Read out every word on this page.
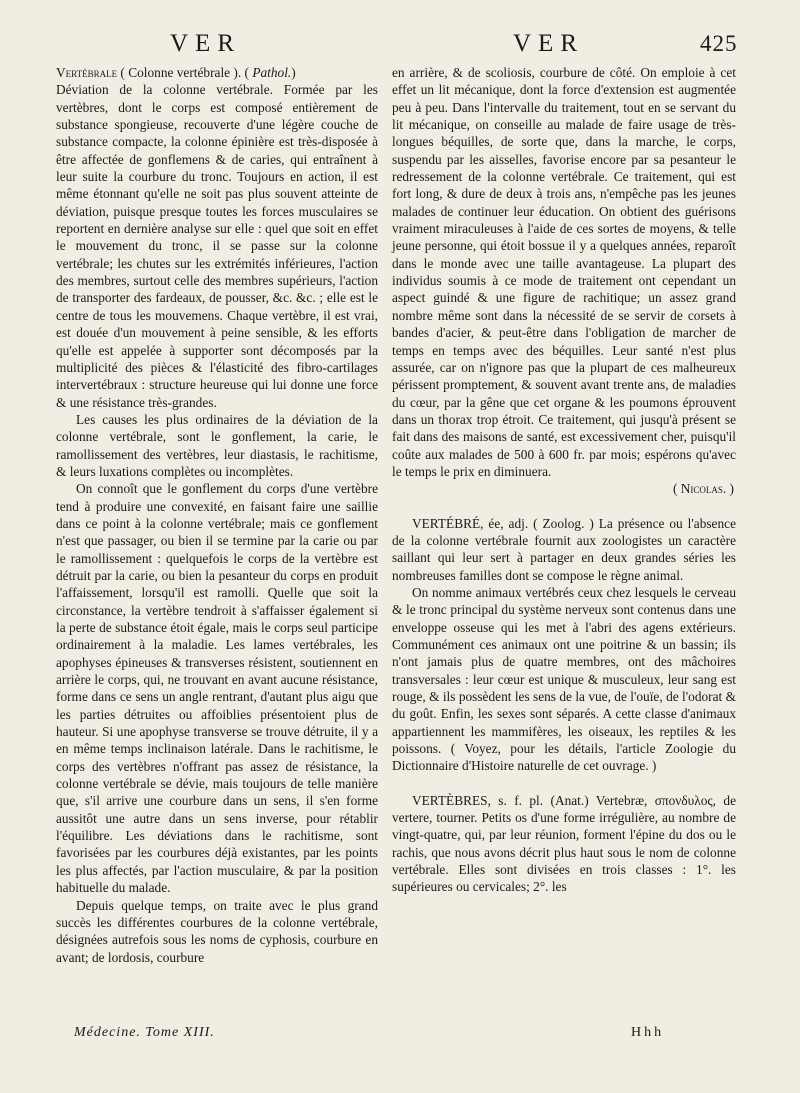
VER	VER	425

Vertébrale ( Colonne vertébrale ). ( Pathol.)

Déviation de la colonne vertébrale. Formée par les vertèbres, dont le corps est composé entièrement de substance spongieuse, recouverte d'une légère couche de substance compacte, la colonne épinière est très-disposée à être affectée de gonflemens & de caries, qui entraînent à leur suite la courbure du tronc. Toujours en action, il est même étonnant qu'elle ne soit pas plus souvent atteinte de déviation, puisque presque toutes les forces musculaires se reportent en dernière analyse sur elle : quel que soit en effet le mouvement du tronc, il se passe sur la colonne vertébrale; les chutes sur les extrémités inférieures, l'action des membres, surtout celle des membres supérieurs, l'action de transporter des fardeaux, de pousser, &c. &c. ; elle est le centre de tous les mouvemens. Chaque vertèbre, il est vrai, est douée d'un mouvement à peine sensible, & les efforts qu'elle est appelée à supporter sont décomposés par la multiplicité des pièces & l'élasticité des fibro-cartilages intervertébraux : structure heureuse qui lui donne une force & une résistance très-grandes.

Les causes les plus ordinaires de la déviation de la colonne vertébrale, sont le gonflement, la carie, le ramollissement des vertèbres, leur diastasis, le rachitisme, & leurs luxations complètes ou incomplètes.

On connoît que le gonflement du corps d'une vertèbre tend à produire une convexité, en faisant faire une saillie dans ce point à la colonne vertébrale; mais ce gonflement n'est que passager, ou bien il se termine par la carie ou par le ramollissement : quelquefois le corps de la vertèbre est détruit par la carie, ou bien la pesanteur du corps en produit l'affaissement, lorsqu'il est ramolli. Quelle que soit la circonstance, la vertèbre tendroit à s'affaisser également si la perte de substance étoit égale, mais le corps seul participe ordinairement à la maladie. Les lames vertébrales, les apophyses épineuses & transverses résistent, soutiennent en arrière le corps, qui, ne trouvant en avant aucune résistance, forme dans ce sens un angle rentrant, d'autant plus aigu que les parties détruites ou affoiblies présentoient plus de hauteur. Si une apophyse transverse se trouve détruite, il y a en même temps inclinaison latérale. Dans le rachitisme, le corps des vertèbres n'offrant pas assez de résistance, la colonne vertébrale se dévie, mais toujours de telle manière que, s'il arrive une courbure dans un sens, il s'en forme aussitôt une autre dans un sens inverse, pour rétablir l'équilibre. Les déviations dans le rachitisme, sont favorisées par les courbures déjà existantes, par les points les plus affectés, par l'action musculaire, & par la position habituelle du malade.

Depuis quelque temps, on traite avec le plus grand succès les différentes courbures de la colonne vertébrale, désignées autrefois sous les noms de cyphosis, courbure en avant; de lordosis, courbure

en arrière, & de scoliosis, courbure de côté. On emploie à cet effet un lit mécanique, dont la force d'extension est augmentée peu à peu. Dans l'intervalle du traitement, tout en se servant du lit mécanique, on conseille au malade de faire usage de très-longues béquilles, de sorte que, dans la marche, le corps, suspendu par les aisselles, favorise encore par sa pesanteur le redressement de la colonne vertébrale. Ce traitement, qui est fort long, & dure de deux à trois ans, n'empêche pas les jeunes malades de continuer leur éducation. On obtient des guérisons vraiment miraculeuses à l'aide de ces sortes de moyens, & telle jeune personne, qui étoit bossue il y a quelques années, reparoît dans le monde avec une taille avantageuse. La plupart des individus soumis à ce mode de traitement ont cependant un aspect guindé & une figure de rachitique; un assez grand nombre même sont dans la nécessité de se servir de corsets à bandes d'acier, & peut-être dans l'obligation de marcher de temps en temps avec des béquilles. Leur santé n'est plus assurée, car on n'ignore pas que la plupart de ces malheureux périssent promptement, & souvent avant trente ans, de maladies du cœur, par la gêne que cet organe & les poumons éprouvent dans un thorax trop étroit. Ce traitement, qui jusqu'à présent se fait dans des maisons de santé, est excessivement cher, puisqu'il coûte aux malades de 500 à 600 fr. par mois; espérons qu'avec le temps le prix en diminuera.

( Nicolas. )

VERTÉBRÉ, ée, adj. ( Zoolog. ) La présence ou l'absence de la colonne vertébrale fournit aux zoologistes un caractère saillant qui leur sert à partager en deux grandes séries les nombreuses familles dont se compose le règne animal.

On nomme animaux vertébrés ceux chez lesquels le cerveau & le tronc principal du système nerveux sont contenus dans une enveloppe osseuse qui les met à l'abri des agens extérieurs. Communément ces animaux ont une poitrine & un bassin; ils n'ont jamais plus de quatre membres, ont des mâchoires transversales : leur cœur est unique & musculeux, leur sang est rouge, & ils possèdent les sens de la vue, de l'ouïe, de l'odorat & du goût. Enfin, les sexes sont séparés. A cette classe d'animaux appartiennent les mammifères, les oiseaux, les reptiles & les poissons. ( Voyez, pour les détails, l'article Zoologie du Dictionnaire d'Histoire naturelle de cet ouvrage. )

VERTÈBRES, s. f. pl. (Anat.) Vertebræ, σπονδυλος, de vertere, tourner. Petits os d'une forme irrégulière, au nombre de vingt-quatre, qui, par leur réunion, forment l'épine du dos ou le rachis, que nous avons décrit plus haut sous le nom de colonne vertébrale. Elles sont divisées en trois classes : 1°. les supérieures ou cervicales; 2°. les

Médecine. Tome XIII.	Hhh
